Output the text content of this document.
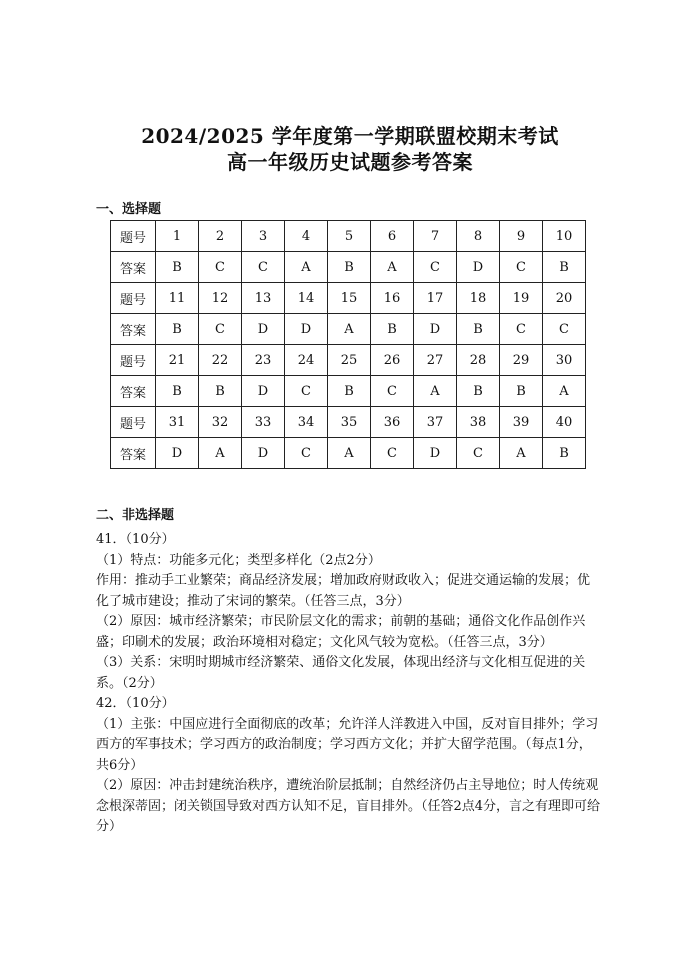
2024/2025 学年度第一学期联盟校期末考试
高一年级历史试题参考答案
一、选择题
题号	1	2	3	4	5	6	7	8	9	10
答案	B	C	C	A	B	A	C	D	C	B
题号	11	12	13	14	15	16	17	18	19	20
答案	B	C	D	D	A	B	D	B	C	C
题号	21	22	23	24	25	26	27	28	29	30
答案	B	B	D	C	B	C	A	B	B	A
题号	31	32	33	34	35	36	37	38	39	40
答案	D	A	D	C	A	C	D	C	A	B
二、非选择题

41．（10分）

（1）特点：功能多元化；类型多样化（2点2分）

作用：推动手工业繁荣；商品经济发展；增加政府财政收入；促进交通运输的发展；优化了城市建设；推动了宋词的繁荣。（任答三点，3分）

（2）原因：城市经济繁荣；市民阶层文化的需求；前朝的基础；通俗文化作品创作兴盛；印刷术的发展；政治环境相对稳定；文化风气较为宽松。（任答三点，3分）

（3）关系：宋明时期城市经济繁荣、通俗文化发展，体现出经济与文化相互促进的关系。（2分）

42．（10分）

（1）主张：中国应进行全面彻底的改革；允许洋人洋教进入中国，反对盲目排外；学习西方的军事技术；学习西方的政治制度；学习西方文化；并扩大留学范围。（每点1分，共6分）

（2）原因：冲击封建统治秩序，遭统治阶层抵制；自然经济仍占主导地位；时人传统观念根深蒂固；闭关锁国导致对西方认知不足，盲目排外。（任答2点4分，言之有理即可给分）
